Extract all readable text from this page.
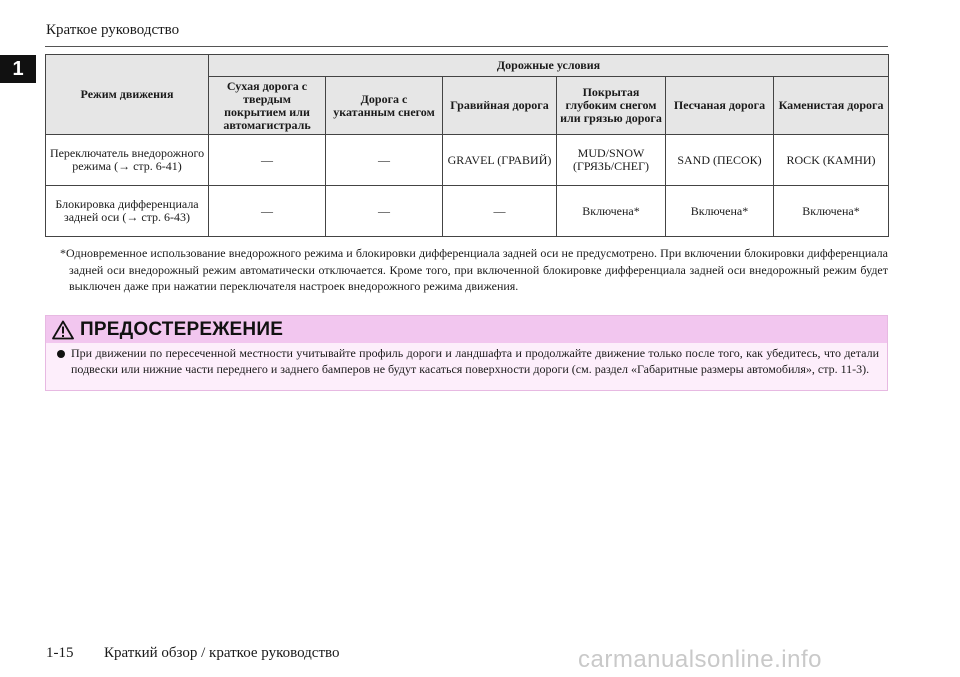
Краткое руководство
1
Режим движения	Дорожные условия					
	Сухая дорога с твердым покрытием или автомагистраль	Дорога с укатанным снегом	Гравийная дорога	Покрытая глубоким снегом или грязью дорога	Песчаная дорога	Каменистая дорога
Переключатель внедорожного режима (→ стр. 6-41)	—	—	GRAVEL (ГРАВИЙ)	MUD/SNOW (ГРЯЗЬ/СНЕГ)	SAND (ПЕСОК)	ROCK (КАМНИ)
Блокировка дифференциала задней оси (→ стр. 6-43)	—	—	—	Включена*	Включена*	Включена*
*Одновременное использование внедорожного режима и блокировки дифференциала задней оси не предусмотрено. При включении блокировки дифференциала задней оси внедорожный режим автоматически отключается. Кроме того, при включенной блокировке дифференциала задней оси внедорожный режим будет выключен даже при нажатии переключателя настроек внедорожного режима движения.
ПРЕДОСТЕРЕЖЕНИЕ
При движении по пересеченной местности учитывайте профиль дороги и ландшафта и продолжайте движение только после того, как убедитесь, что детали подвески или нижние части переднего и заднего бамперов не будут касаться поверхности дороги (см. раздел «Габаритные размеры автомобиля», стр. 11-3).
1-15 Краткий обзор / краткое руководство	carmanualsonline.info
